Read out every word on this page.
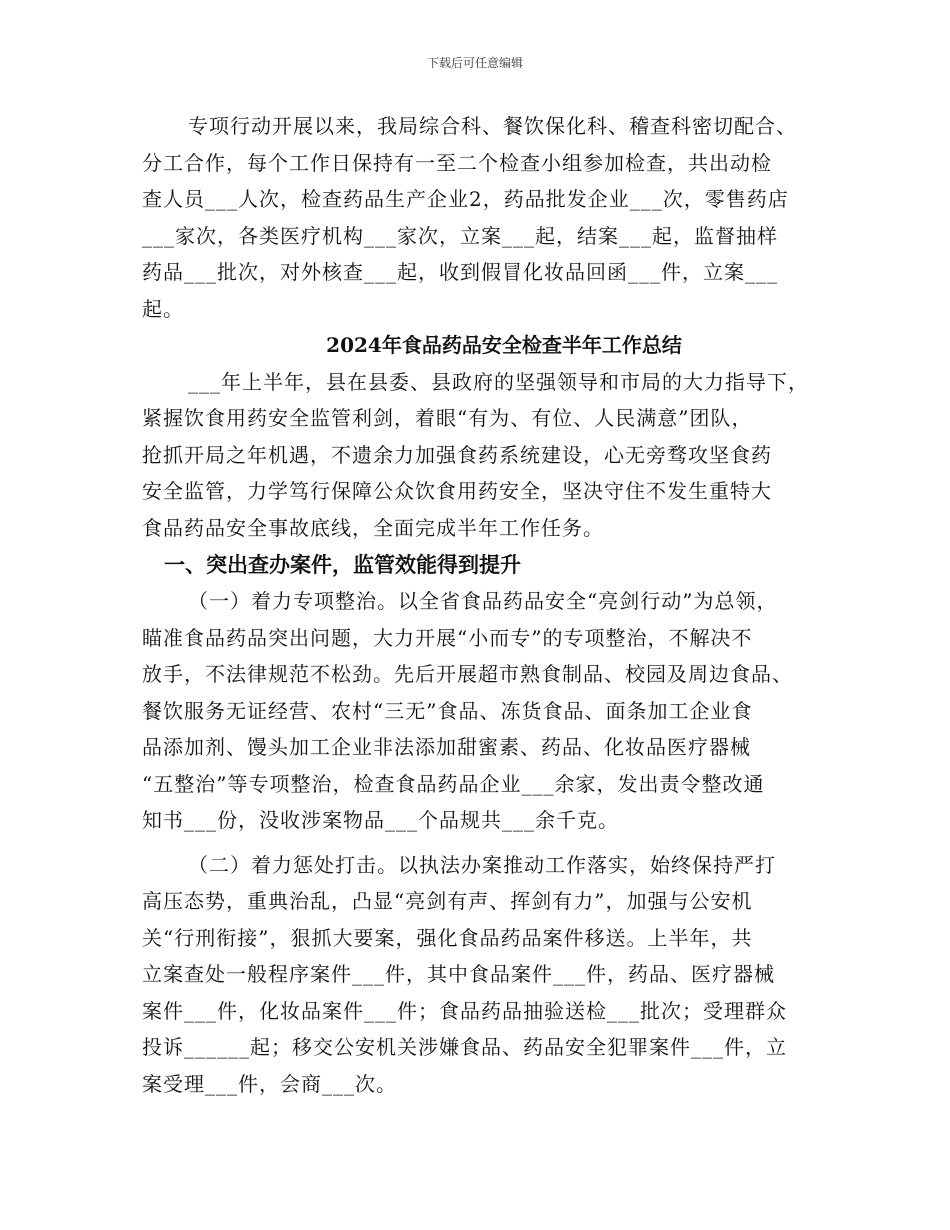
下载后可任意编辑
专项行动开展以来，我局综合科、餐饮保化科、稽查科密切配合、
分工合作，每个工作日保持有一至二个检查小组参加检查，共出动检
查人员___人次，检查药品生产企业2，药品批发企业___次，零售药店
___家次，各类医疗机构___家次，立案___起，结案___起，监督抽样
药品___批次，对外核查___起，收到假冒化妆品回函___件，立案___
起。
2024年食品药品安全检查半年工作总结
___年上半年，县在县委、县政府的坚强领导和市局的大力指导下，
紧握饮食用药安全监管利剑，着眼“有为、有位、人民满意”团队，
抢抓开局之年机遇，不遗余力加强食药系统建设，心无旁骛攻坚食药
安全监管，力学笃行保障公众饮食用药安全，坚决守住不发生重特大
食品药品安全事故底线，全面完成半年工作任务。
一、突出查办案件，监管效能得到提升
（一）着力专项整治。以全省食品药品安全“亮剑行动”为总领，
瞄准食品药品突出问题，大力开展“小而专”的专项整治，不解决不
放手，不法律规范不松劲。先后开展超市熟食制品、校园及周边食品、
餐饮服务无证经营、农村“三无”食品、冻货食品、面条加工企业食
品添加剂、馒头加工企业非法添加甜蜜素、药品、化妆品医疗器械
“五整治”等专项整治，检查食品药品企业___余家，发出责令整改通
知书___份，没收涉案物品___个品规共___余千克。
（二）着力惩处打击。以执法办案推动工作落实，始终保持严打
高压态势，重典治乱，凸显“亮剑有声、挥剑有力”，加强与公安机
关“行刑衔接”，狠抓大要案，强化食品药品案件移送。上半年，共
立案查处一般程序案件___件，其中食品案件___件，药品、医疗器械
案件___件，化妆品案件___件；食品药品抽验送检___批次；受理群众
投诉______起；移交公安机关涉嫌食品、药品安全犯罪案件___件，立
案受理___件，会商___次。
